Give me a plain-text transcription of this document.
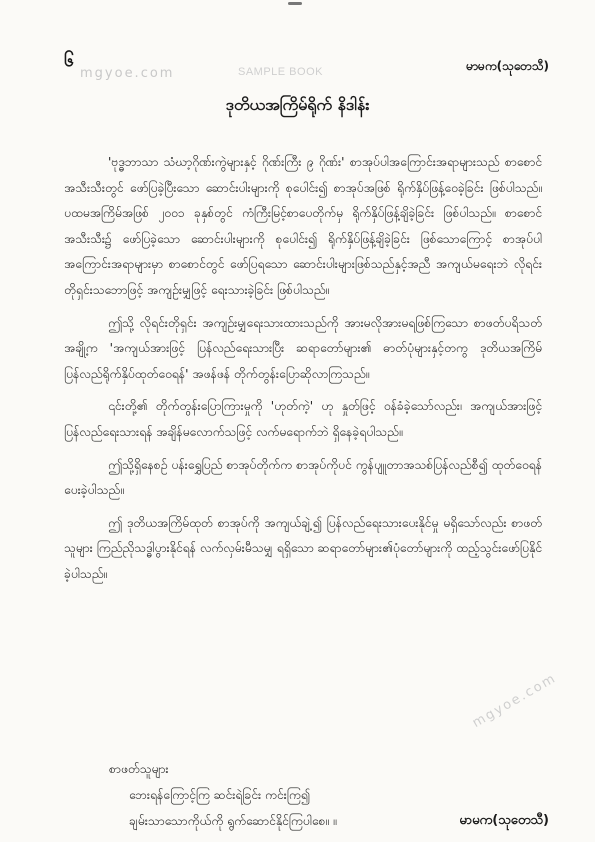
၆
mgyoe.com	SAMPLE BOOK	မာမက(သုတေသီ)
ဒုတိယအကြိမ်ရိုက် နိဒါန်း

'ဗုဒ္ဓဘာသာ သံဃာ့ဂိုဏ်းကွဲများနှင့် ဂိုဏ်းကြီး ၉ ဂိုဏ်း' စာအုပ်ပါအကြောင်းအရာများသည် စာစောင်အသီးသီးတွင် ဖော်ပြခဲ့ပြီးသော ဆောင်းပါးများကို စုပေါင်း၍ စာအုပ်အဖြစ် ရိုက်နှိပ်ဖြန့်ဝေခဲ့ခြင်း ဖြစ်ပါသည်။ ပထမအကြိမ်အဖြစ် ၂၀၀၁ ခုနှစ်တွင် ကံကြီးမြင့်စာပေတိုက်မှ ရိုက်နှိပ်ဖြန့်ချိခဲ့ခြင်း ဖြစ်ပါသည်။ စာစောင်အသီးသီး၌ ဖော်ပြခဲ့သော ဆောင်းပါးများကို စုပေါင်း၍ ရိုက်နှိပ်ဖြန့်ချိခဲ့ခြင်း ဖြစ်သောကြောင့် စာအုပ်ပါအကြောင်းအရာများမှာ စာစောင်တွင် ဖော်ပြရသော ဆောင်းပါးများဖြစ်သည်နှင့်အညီ အကျယ်မရေးဘဲ လိုရင်းတိုရှင်းသဘောဖြင့် အကျဉ်းမျှဖြင့် ရေးသားခဲ့ခြင်း ဖြစ်ပါသည်။

ဤသို့ လိုရင်းတိုရှင်း အကျဉ်းမျှရေးသားထားသည်ကို အားမလိုအားမရဖြစ်ကြသော စာဖတ်ပရိသတ်အချို့က 'အကျယ်အားဖြင့် ပြန်လည်ရေးသားပြီး ဆရာတော်များ၏ ဓာတ်ပုံများနှင့်တကွ ဒုတိယအကြိမ် ပြန်လည်ရိုက်နှိပ်ထုတ်ဝေရန်' အဖန်ဖန် တိုက်တွန်းပြောဆိုလာကြသည်။

၎င်းတို့၏ တိုက်တွန်းပြောကြားမှုကို 'ဟုတ်ကဲ့' ဟု နှုတ်ဖြင့် ဝန်ခံခဲ့သော်လည်း၊ အကျယ်အားဖြင့် ပြန်လည်ရေးသားရန် အချိန်မလောက်သဖြင့် လက်မရောက်ဘဲ ရှိနေခဲ့ရပါသည်။

ဤသို့ရှိနေစဉ် ပန်းရွှေပြည် စာအုပ်တိုက်က စာအုပ်ကိုပင် ကွန်ပျူတာအသစ်ပြန်လည်စီ၍ ထုတ်ဝေရန် ပေးခဲ့ပါသည်။

ဤ ဒုတိယအကြိမ်ထုတ် စာအုပ်ကို အကျယ်ချဲ့၍ ပြန်လည်ရေးသားပေးနိုင်မှု မရှိသော်လည်း စာဖတ်သူများ ကြည်ညိုသဒ္ဓါပွားနိုင်ရန် လက်လှမ်းမီသမျှ ရရှိသော ဆရာတော်များ၏ပုံတော်များကို ထည့်သွင်းဖော်ပြနိုင်ခဲ့ပါသည်။

စာဖတ်သူများ
ဘေးရန်ကြောင့်ကြ ဆင်းရဲခြင်း ကင်းကြ၍
ချမ်းသာသောကိုယ်ကို ရွက်ဆောင်နိုင်ကြပါစေ။ ။
mgyoe.com
မာမက(သုတေသီ)
